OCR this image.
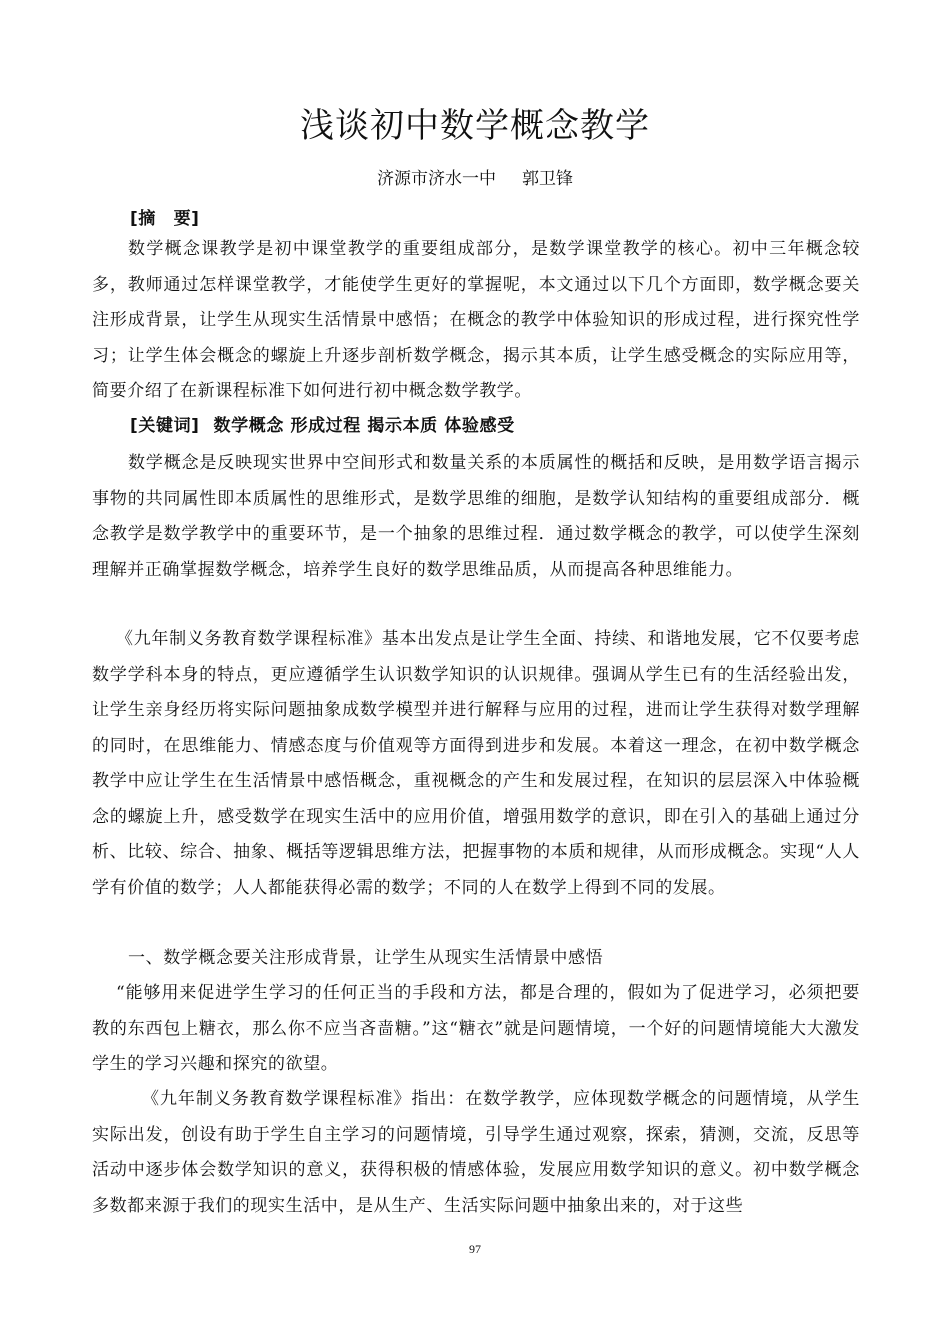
浅谈初中数学概念教学
济源市济水一中 郭卫锋
[摘　要]
数学概念课教学是初中课堂教学的重要组成部分，是数学课堂教学的核心。初中三年概念较多，教师通过怎样课堂教学，才能使学生更好的掌握呢，本文通过以下几个方面即，数学概念要关注形成背景，让学生从现实生活情景中感悟；在概念的教学中体验知识的形成过程，进行探究性学习；让学生体会概念的螺旋上升逐步剖析数学概念，揭示其本质，让学生感受概念的实际应用等，简要介绍了在新课程标准下如何进行初中概念数学教学。
[关键词] 数学概念 形成过程 揭示本质 体验感受
数学概念是反映现实世界中空间形式和数量关系的本质属性的概括和反映，是用数学语言揭示事物的共同属性即本质属性的思维形式，是数学思维的细胞，是数学认知结构的重要组成部分．概念教学是数学教学中的重要环节，是一个抽象的思维过程．通过数学概念的教学，可以使学生深刻理解并正确掌握数学概念，培养学生良好的数学思维品质，从而提高各种思维能力。
《九年制义务教育数学课程标准》基本出发点是让学生全面、持续、和谐地发展，它不仅要考虑数学学科本身的特点，更应遵循学生认识数学知识的认识规律。强调从学生已有的生活经验出发，让学生亲身经历将实际问题抽象成数学模型并进行解释与应用的过程，进而让学生获得对数学理解的同时，在思维能力、情感态度与价值观等方面得到进步和发展。本着这一理念，在初中数学概念教学中应让学生在生活情景中感悟概念，重视概念的产生和发展过程，在知识的层层深入中体验概念的螺旋上升，感受数学在现实生活中的应用价值，增强用数学的意识，即在引入的基础上通过分析、比较、综合、抽象、概括等逻辑思维方法，把握事物的本质和规律，从而形成概念。实现“人人学有价值的数学；人人都能获得必需的数学；不同的人在数学上得到不同的发展。
一、数学概念要关注形成背景，让学生从现实生活情景中感悟
“能够用来促进学生学习的任何正当的手段和方法，都是合理的，假如为了促进学习，必须把要教的东西包上糖衣，那么你不应当吝啬糖。”这“糖衣”就是问题情境，一个好的问题情境能大大激发学生的学习兴趣和探究的欲望。
《九年制义务教育数学课程标准》指出：在数学教学，应体现数学概念的问题情境，从学生实际出发，创设有助于学生自主学习的问题情境，引导学生通过观察，探索，猜测，交流，反思等活动中逐步体会数学知识的意义，获得积极的情感体验，发展应用数学知识的意义。初中数学概念多数都来源于我们的现实生活中，是从生产、生活实际问题中抽象出来的，对于这些
97
